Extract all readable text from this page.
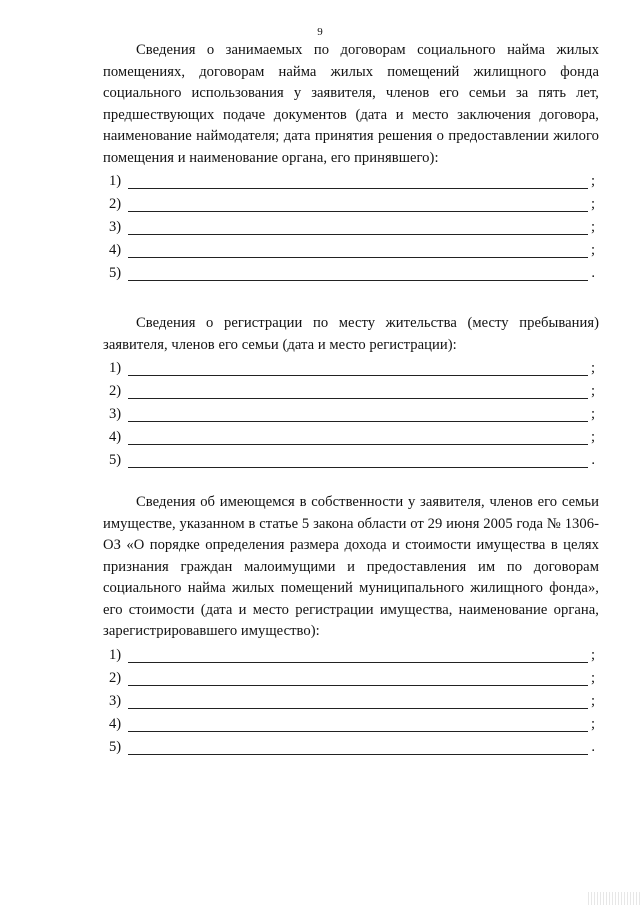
9

Сведения о занимаемых по договорам социального найма жилых помещениях, договорам найма жилых помещений жилищного фонда социального использования у заявителя, членов его семьи за пять лет, предшествующих подаче документов (дата и место заключения договора, наименование наймодателя; дата принятия решения о предоставлении жилого помещения и наименование органа, его принявшего):

1)	;
2)	;
3)	;
4)	;
5)	.

Сведения о регистрации по месту жительства (месту пребывания) заявителя, членов его семьи (дата и место регистрации):

1)	;
2)	;
3)	;
4)	;
5)	.

Сведения об имеющемся в собственности у заявителя, членов его семьи имуществе, указанном в статье 5 закона области от 29 июня 2005 года № 1306-ОЗ «О порядке определения размера дохода и стоимости имущества в целях признания граждан малоимущими и предоставления им по договорам социального найма жилых помещений муниципального жилищного фонда», его стоимости (дата и место регистрации имущества, наименование органа, зарегистрировавшего имущество):

1)	;
2)	;
3)	;
4)	;
5)	.
